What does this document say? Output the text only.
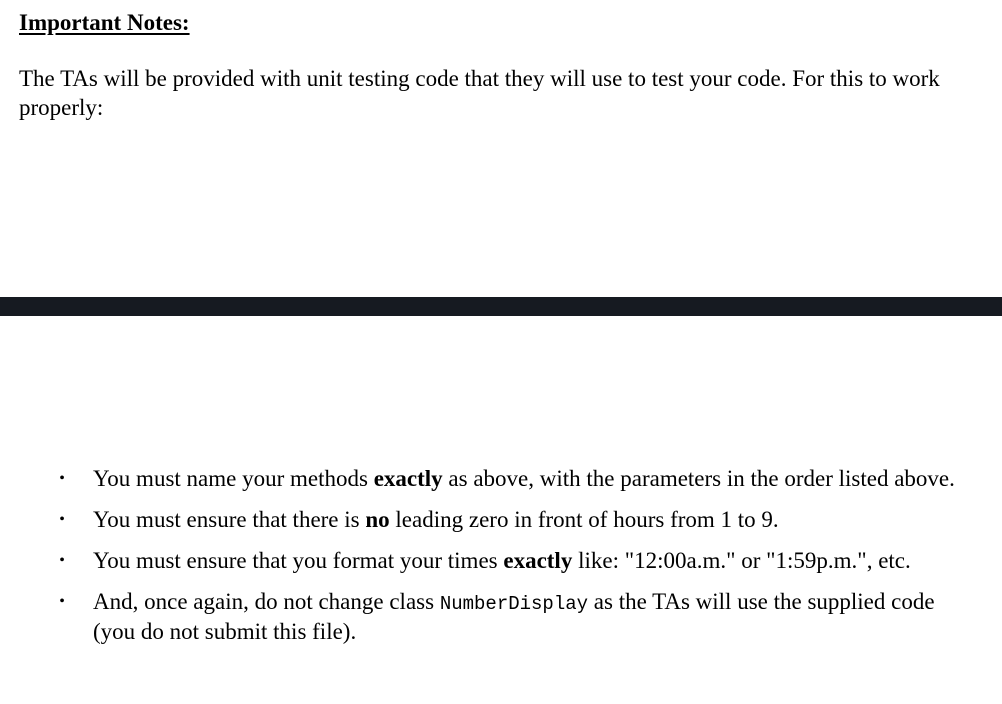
Important Notes:

The TAs will be provided with unit testing code that they will use to test your code. For this to work properly:

• You must name your methods exactly as above, with the parameters in the order listed above.
• You must ensure that there is no leading zero in front of hours from 1 to 9.
• You must ensure that you format your times exactly like: "12:00a.m." or "1:59p.m.", etc.
• And, once again, do not change class NumberDisplay as the TAs will use the supplied code (you do not submit this file).
